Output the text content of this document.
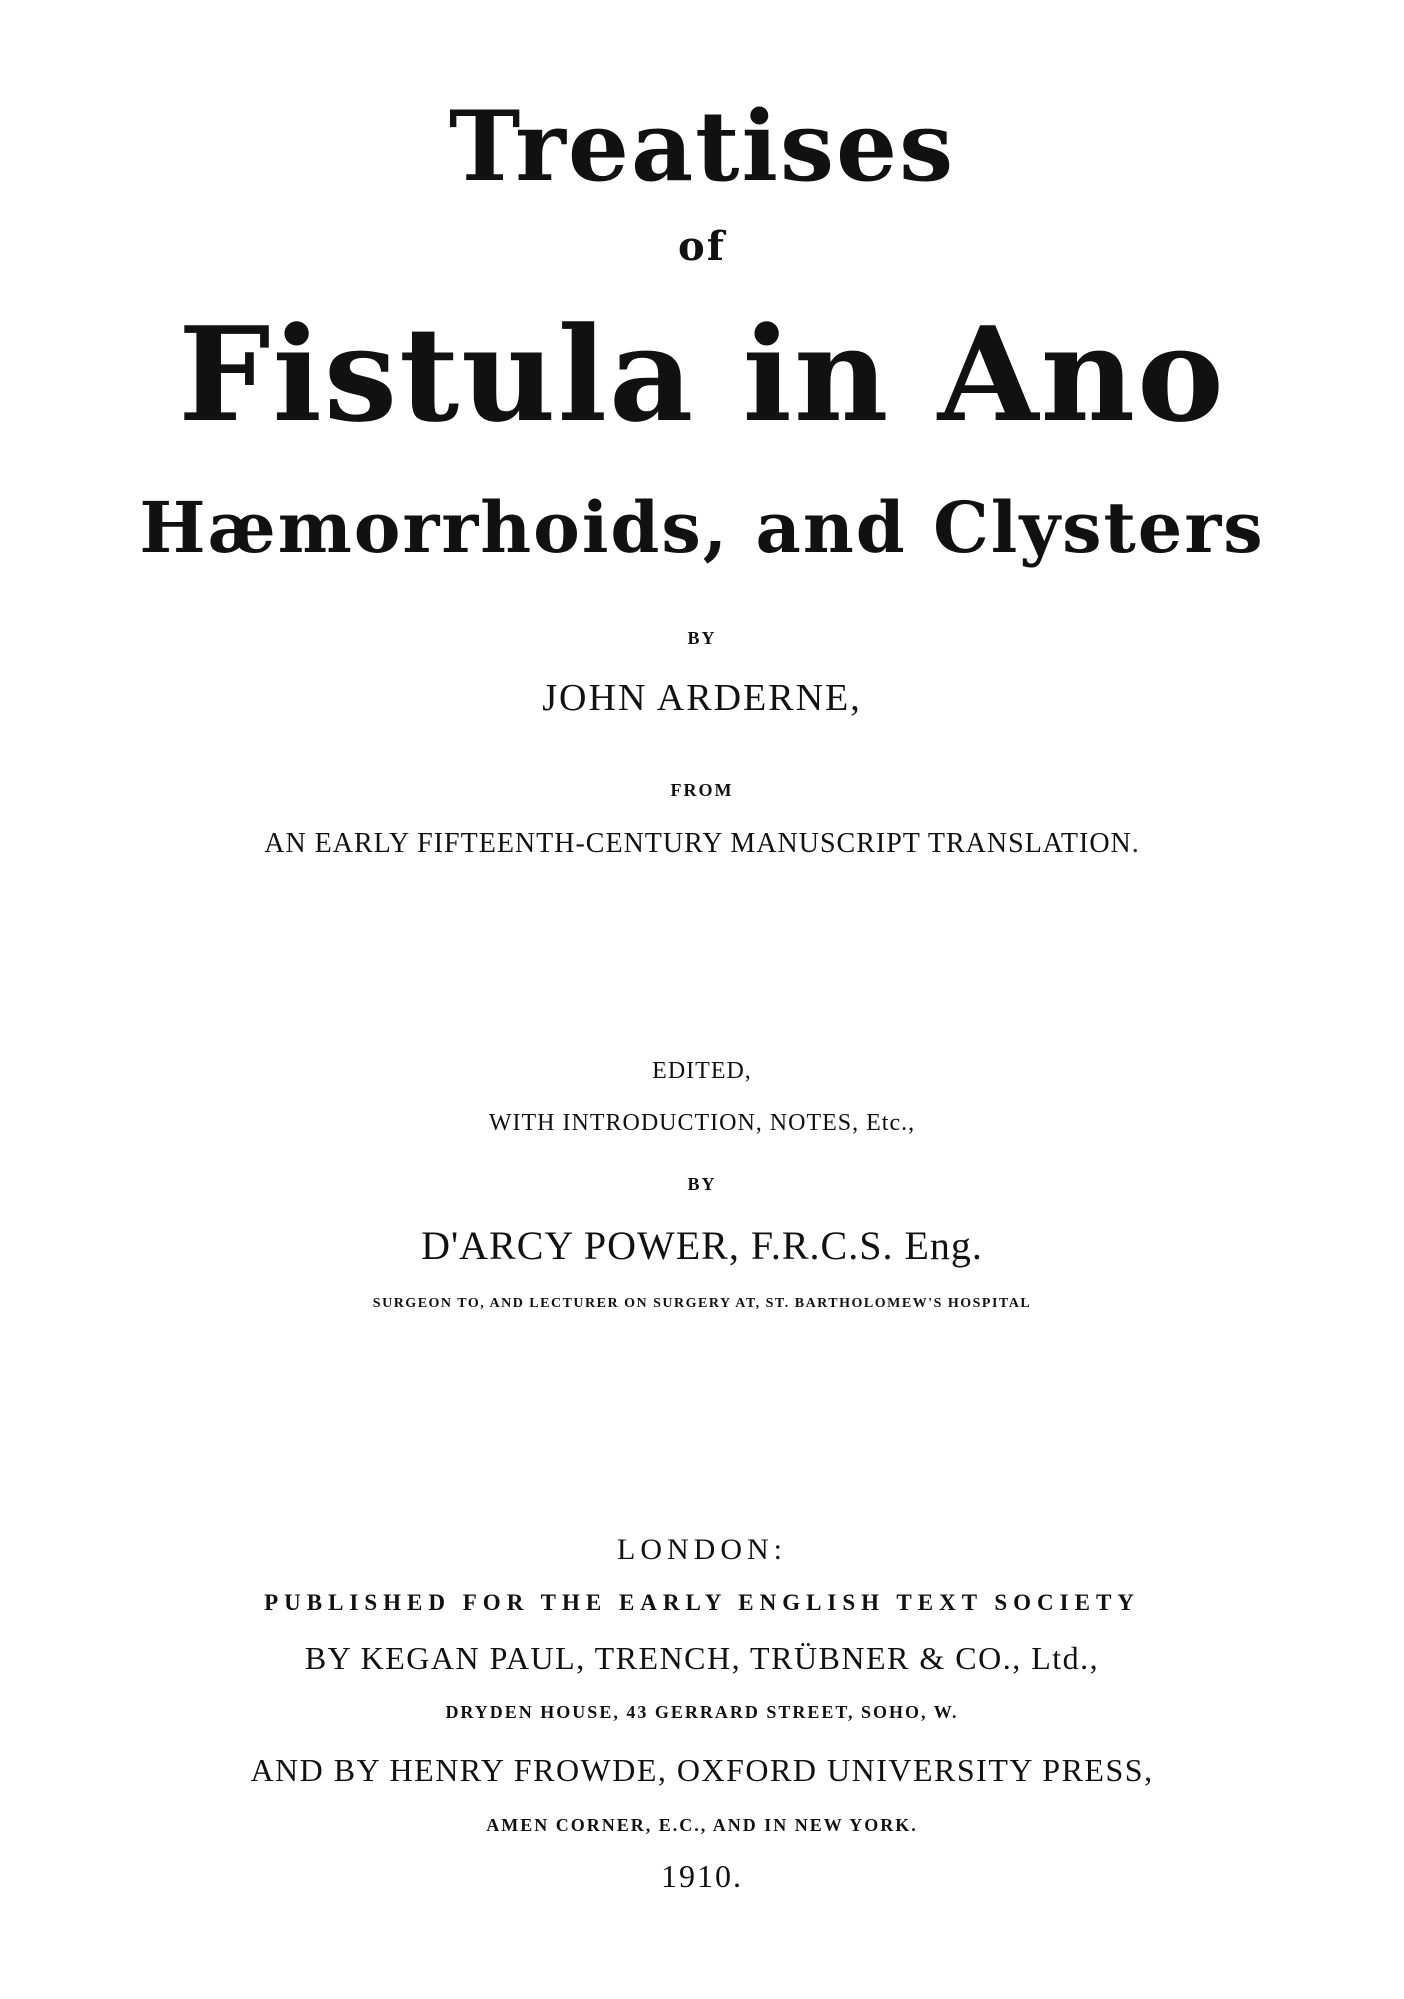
Treatises
of
Fistula in Ano
Hæmorrhoids, and Clysters
BY
JOHN ARDERNE,
FROM
AN EARLY FIFTEENTH-CENTURY MANUSCRIPT TRANSLATION.
EDITED,
WITH INTRODUCTION, NOTES, Etc.,
BY
D'ARCY POWER, F.R.C.S. Eng.
SURGEON TO, AND LECTURER ON SURGERY AT, ST. BARTHOLOMEW'S HOSPITAL
LONDON:
PUBLISHED FOR THE EARLY ENGLISH TEXT SOCIETY
BY KEGAN PAUL, TRENCH, TRÜBNER & CO., Ltd.,
DRYDEN HOUSE, 43 GERRARD STREET, SOHO, W.
AND BY HENRY FROWDE, OXFORD UNIVERSITY PRESS,
AMEN CORNER, E.C., AND IN NEW YORK.
1910.
